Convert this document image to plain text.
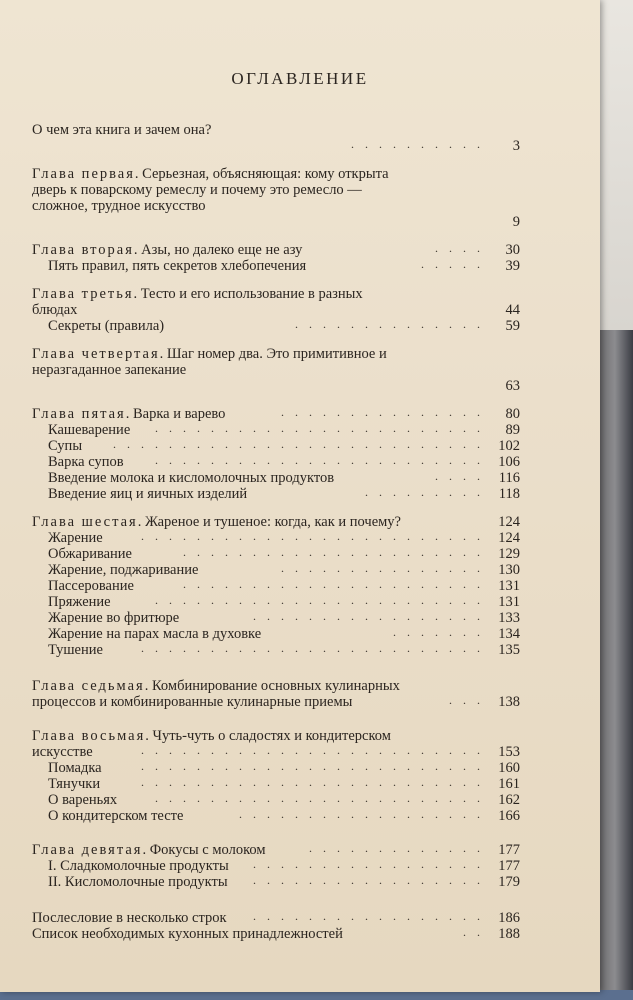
ОГЛАВЛЕНИЕ
О чем эта книга и зачем она?
. . . . . . . . . .	3
Глава первая. Серьезная, объясняющая: кому открыта
дверь к поварскому ремеслу и почему это ремесло —
сложное, трудное искусство
9
Глава вторая. Азы, но далеко еще не азу	. . . .	30
Пять правил, пять секретов хлебопечения	. . . . .	39
Глава третья. Тесто и его использование в разных
блюдах	44
Секреты (правила)	. . . . . . . . . . . . . .	59
Глава четвертая. Шаг номер два. Это примитивное и
неразгаданное запекание
63
Глава пятая. Варка и варево	. . . . . . . . . . . . . . .	80
Кашеварение . . . . . . . . . . . . . . . . . . . . . . . .	89
Супы	. . . . . . . . . . . . . . . . . . . . . . . . . . . 102
Варка супов	. . . . . . . . . . . . . . . . . . . . . . . . 106
Введение молока и кисломолочных продуктов	. . . .	116
Введение яиц и яичных изделий	. . . . . . . . .	118
Глава шестая. Жареное и тушеное: когда, как и почему?	124
Жарение	. . . . . . . . . . . . . . . . . . . . . . . . . 124
Обжаривание	. . . . . . . . . . . . . . . . . . . . . . 129
Жарение, поджаривание	. . . . . . . . . . . . . . . 130
Пассерование	. . . . . . . . . . . . . . . . . . . . . . 131
Пряжение	. . . . . . . . . . . . . . . . . . . . . . . . 131
Жарение во фритюре	. . . . . . . . . . . . . . . . . 133
Жарение на парах масла в духовке	. . . . . . . 134
Тушение	. . . . . . . . . . . . . . . . . . . . . . . . . 135
Глава седьмая. Комбинирование основных кулинарных
процессов и комбинированные кулинарные приемы	. . . 138
Глава восьмая. Чуть-чуть о сладостях и кондитерском
искусстве	. . . . . . . . . . . . . . . . . . . . . . . . . 153
Помадка	. . . . . . . . . . . . . . . . . . . . . . . . . 160
Тянучки	. . . . . . . . . . . . . . . . . . . . . . . . . 161
О вареньях	. . . . . . . . . . . . . . . . . . . . . . . . 162
О кондитерском тесте	. . . . . . . . . . . . . . . . . . 166
Глава девятая. Фокусы с молоком	. . . . . . . . . . . . . 177
I. Сладкомолочные продукты . . . . . . . . . . . . . . . . . 177
II. Кисломолочные продукты . . . . . . . . . . . . . . . . . 179
Послесловие в несколько строк . . . . . . . . . . . . . . . . . 186
Список необходимых кухонных принадлежностей	. . 188
